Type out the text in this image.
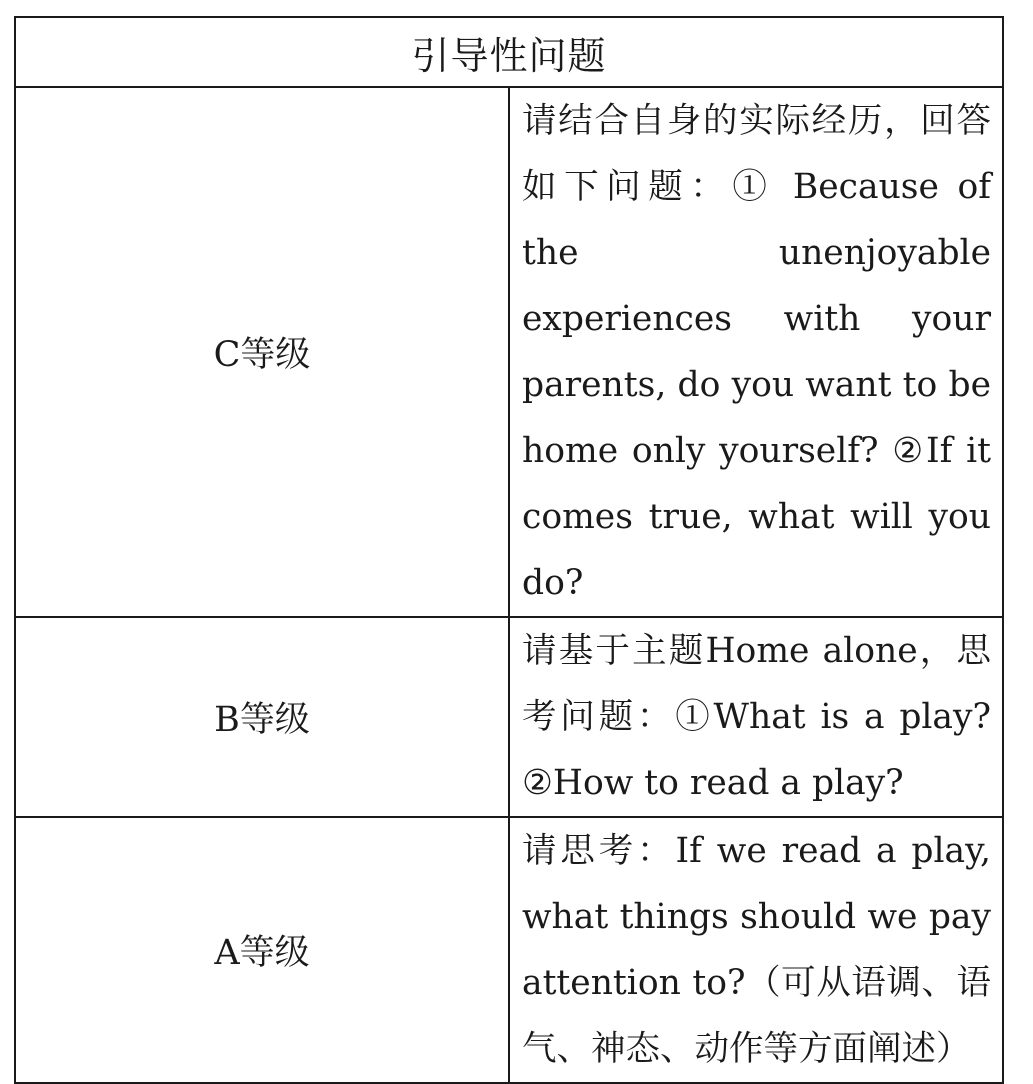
引导性问题	
C等级	请结合自身的实际经历，回答如下问题：① Because of the unenjoyable experiences with your parents, do you want to be home only yourself? ②If it comes true, what will you do?

B等级	请基于主题Home alone，思考问题：①What is a play? ②How to read a play?

A等级	请思考：If we read a play, what things should we pay attention to?（可从语调、语气、神态、动作等方面阐述）
